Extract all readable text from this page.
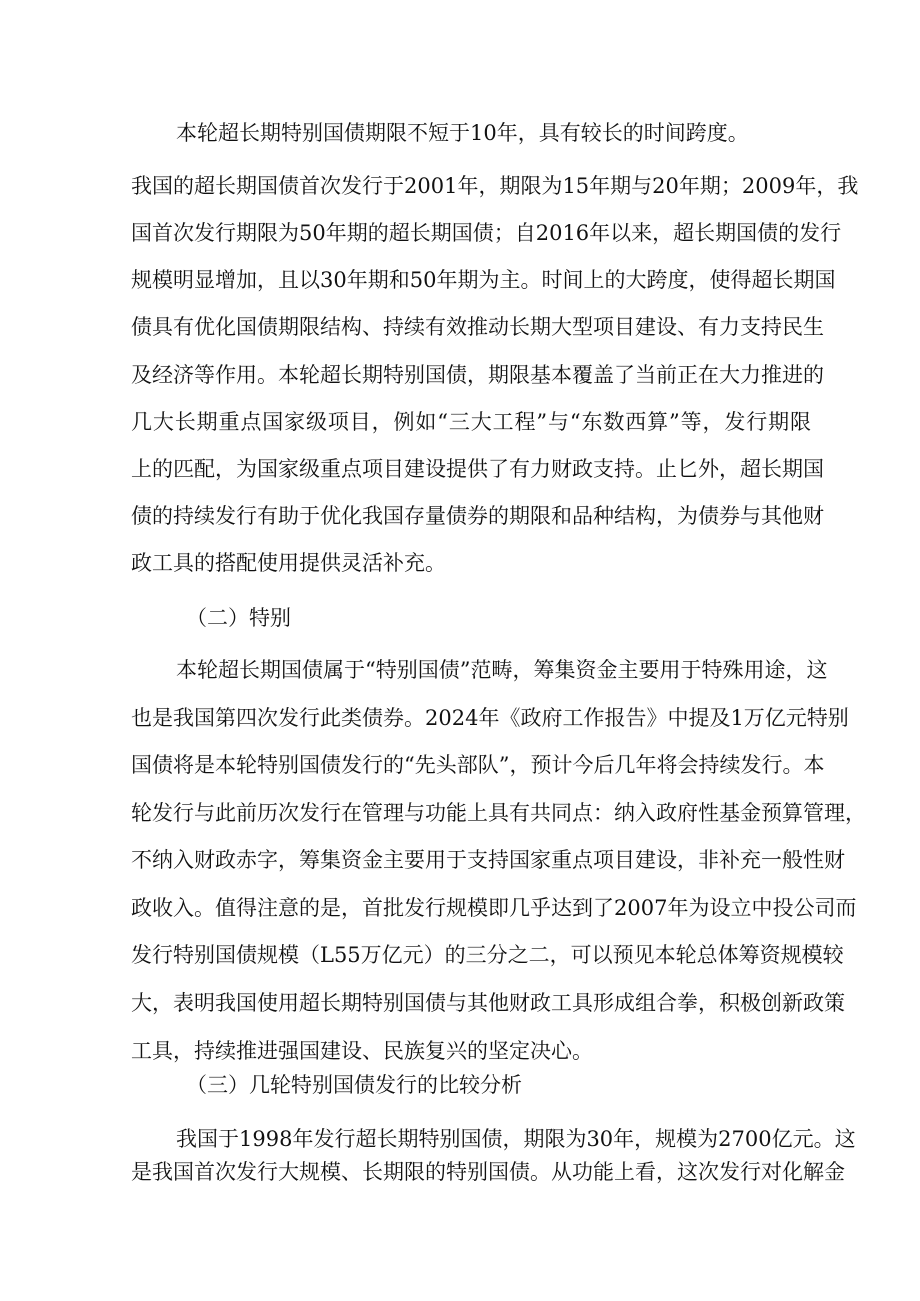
本轮超长期特别国债期限不短于10年，具有较长的时间跨度。
我国的超长期国债首次发行于2001年，期限为15年期与20年期；2009年，我
国首次发行期限为50年期的超长期国债；自2016年以来，超长期国债的发行
规模明显增加，且以30年期和50年期为主。时间上的大跨度，使得超长期国
债具有优化国债期限结构、持续有效推动长期大型项目建设、有力支持民生
及经济等作用。本轮超长期特别国债，期限基本覆盖了当前正在大力推进的
几大长期重点国家级项目，例如“三大工程”与“东数西算”等，发行期限
上的匹配，为国家级重点项目建设提供了有力财政支持。止匕外，超长期国
债的持续发行有助于优化我国存量债券的期限和品种结构，为债券与其他财
政工具的搭配使用提供灵活补充。
（二）特别
本轮超长期国债属于“特别国债”范畴，筹集资金主要用于特殊用途，这
也是我国第四次发行此类债券。2024年《政府工作报告》中提及1万亿元特别
国债将是本轮特别国债发行的“先头部队”，预计今后几年将会持续发行。本
轮发行与此前历次发行在管理与功能上具有共同点：纳入政府性基金预算管理，
不纳入财政赤字，筹集资金主要用于支持国家重点项目建设，非补充一般性财
政收入。值得注意的是，首批发行规模即几乎达到了2007年为设立中投公司而
发行特别国债规模（L55万亿元）的三分之二，可以预见本轮总体筹资规模较
大，表明我国使用超长期特别国债与其他财政工具形成组合拳，积极创新政策
工具，持续推进强国建设、民族复兴的坚定决心。
（三）几轮特别国债发行的比较分析
我国于1998年发行超长期特别国债，期限为30年，规模为2700亿元。这
是我国首次发行大规模、长期限的特别国债。从功能上看，这次发行对化解金
